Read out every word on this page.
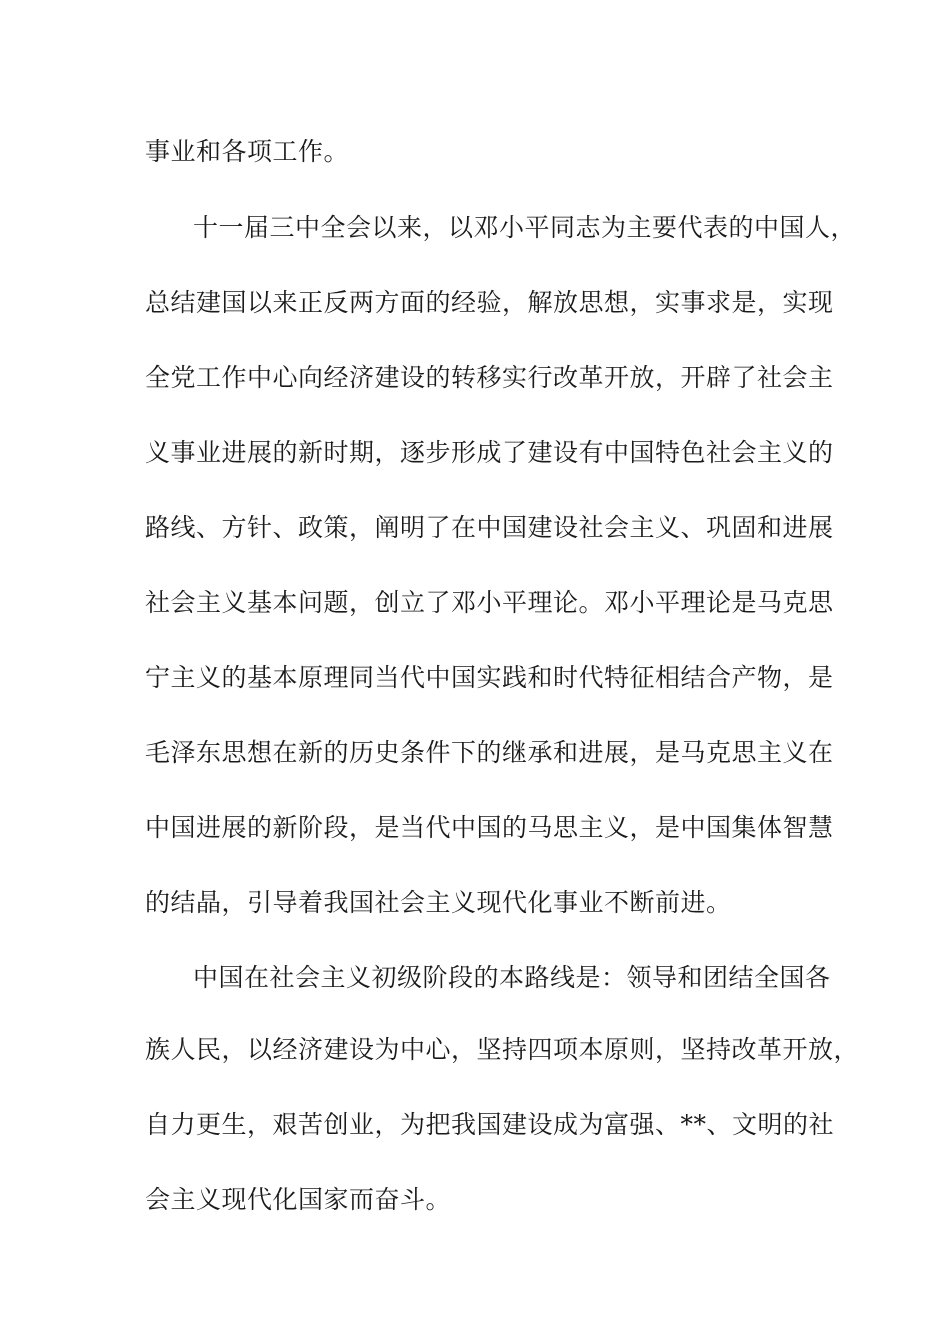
事业和各项工作。
十一届三中全会以来，以邓小平同志为主要代表的中国人，
总结建国以来正反两方面的经验，解放思想，实事求是，实现
全党工作中心向经济建设的转移实行改革开放，开辟了社会主
义事业进展的新时期，逐步形成了建设有中国特色社会主义的
路线、方针、政策，阐明了在中国建设社会主义、巩固和进展
社会主义基本问题，创立了邓小平理论。邓小平理论是马克思
宁主义的基本原理同当代中国实践和时代特征相结合产物，是
毛泽东思想在新的历史条件下的继承和进展，是马克思主义在
中国进展的新阶段，是当代中国的马思主义，是中国集体智慧
的结晶，引导着我国社会主义现代化事业不断前进。
中国在社会主义初级阶段的本路线是：领导和团结全国各
族人民，以经济建设为中心，坚持四项本原则，坚持改革开放，
自力更生，艰苦创业，为把我国建设成为富强、**、文明的社
会主义现代化国家而奋斗。
